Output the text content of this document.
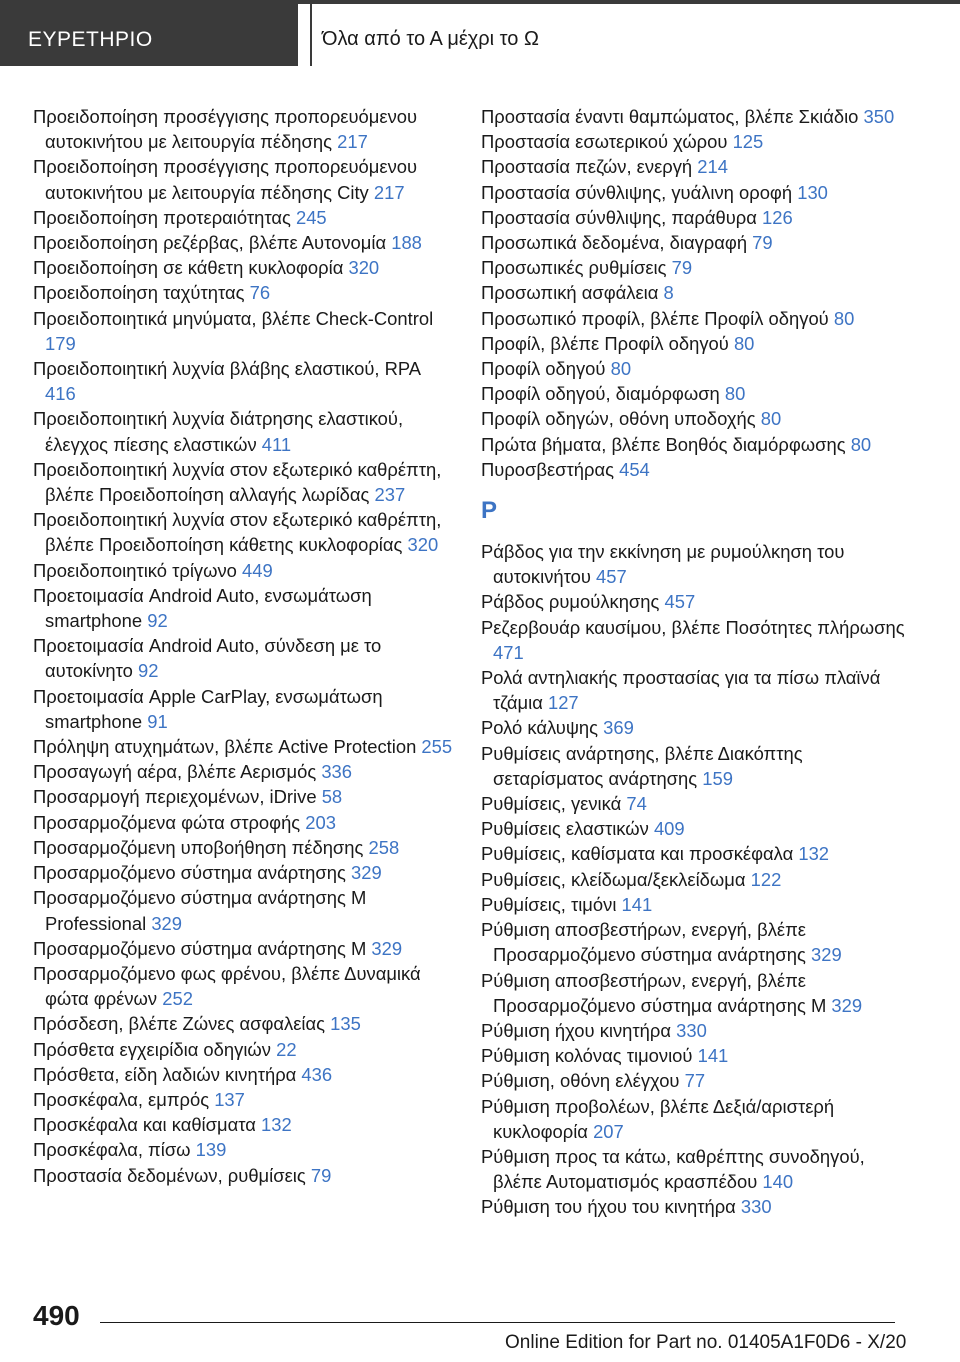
ΕΥΡΕΤΗΡΙΟ	Όλα από το Α μέχρι το Ω

Προειδοποίηση προσέγγισης προπορευόμενου αυτοκινήτου με λειτουργία πέδησης 217

Προειδοποίηση προσέγγισης προπορευόμενου αυτοκινήτου με λειτουργία πέδησης City 217

Προειδοποίηση προτεραιότητας 245

Προειδοποίηση ρεζέρβας, βλέπε Αυτονομία 188

Προειδοποίηση σε κάθετη κυκλοφορία 320

Προειδοποίηση ταχύτητας 76

Προειδοποιητικά μηνύματα, βλέπε Check-Control 179

Προειδοποιητική λυχνία βλάβης ελαστικού, RPA 416

Προειδοποιητική λυχνία διάτρησης ελαστικού, έλεγχος πίεσης ελαστικών 411

Προειδοποιητική λυχνία στον εξωτερικό καθρέπτη, βλέπε Προειδοποίηση αλλαγής λωρίδας 237

Προειδοποιητική λυχνία στον εξωτερικό καθρέπτη, βλέπε Προειδοποίηση κάθετης κυκλοφορίας 320

Προειδοποιητικό τρίγωνο 449

Προετοιμασία Android Auto, ενσωμάτωση smartphone 92

Προετοιμασία Android Auto, σύνδεση με το αυτοκίνητο 92

Προετοιμασία Apple CarPlay, ενσωμάτωση smartphone 91

Πρόληψη ατυχημάτων, βλέπε Active Protection 255

Προσαγωγή αέρα, βλέπε Αερισμός 336

Προσαρμογή περιεχομένων, iDrive 58

Προσαρμοζόμενα φώτα στροφής 203

Προσαρμοζόμενη υποβοήθηση πέδησης 258

Προσαρμοζόμενο σύστημα ανάρτησης 329

Προσαρμοζόμενο σύστημα ανάρτησης M Professional 329

Προσαρμοζόμενο σύστημα ανάρτησης M 329

Προσαρμοζόμενο φως φρένου, βλέπε Δυναμικά φώτα φρένων 252

Πρόσδεση, βλέπε Ζώνες ασφαλείας 135

Πρόσθετα εγχειρίδια οδηγιών 22

Πρόσθετα, είδη λαδιών κινητήρα 436

Προσκέφαλα, εμπρός 137

Προσκέφαλα και καθίσματα 132

Προσκέφαλα, πίσω 139

Προστασία δεδομένων, ρυθμίσεις 79

Προστασία έναντι θαμπώματος, βλέπε Σκιάδιο 350

Προστασία εσωτερικού χώρου 125

Προστασία πεζών, ενεργή 214

Προστασία σύνθλιψης, γυάλινη οροφή 130

Προστασία σύνθλιψης, παράθυρα 126

Προσωπικά δεδομένα, διαγραφή 79

Προσωπικές ρυθμίσεις 79

Προσωπική ασφάλεια 8

Προσωπικό προφίλ, βλέπε Προφίλ οδηγού 80

Προφίλ, βλέπε Προφίλ οδηγού 80

Προφίλ οδηγού 80

Προφίλ οδηγού, διαμόρφωση 80

Προφίλ οδηγών, οθόνη υποδοχής 80

Πρώτα βήματα, βλέπε Βοηθός διαμόρφωσης 80

Πυροσβεστήρας 454

Ρ

Ράβδος για την εκκίνηση με ρυμούλκηση του αυτοκινήτου 457

Ράβδος ρυμούλκησης 457

Ρεζερβουάρ καυσίμου, βλέπε Ποσότητες πλήρωσης 471

Ρολά αντηλιακής προστασίας για τα πίσω πλαϊνά τζάμια 127

Ρολό κάλυψης 369

Ρυθμίσεις ανάρτησης, βλέπε Διακόπτης σεταρίσματος ανάρτησης 159

Ρυθμίσεις, γενικά 74

Ρυθμίσεις ελαστικών 409

Ρυθμίσεις, καθίσματα και προσκέφαλα 132

Ρυθμίσεις, κλείδωμα/ξεκλείδωμα 122

Ρυθμίσεις, τιμόνι 141

Ρύθμιση αποσβεστήρων, ενεργή, βλέπε Προσαρμοζόμενο σύστημα ανάρτησης 329

Ρύθμιση αποσβεστήρων, ενεργή, βλέπε Προσαρμοζόμενο σύστημα ανάρτησης M 329

Ρύθμιση ήχου κινητήρα 330

Ρύθμιση κολόνας τιμονιού 141

Ρύθμιση, οθόνη ελέγχου 77

Ρύθμιση προβολέων, βλέπε Δεξιά/αριστερή κυκλοφορία 207

Ρύθμιση προς τα κάτω, καθρέπτης συνοδηγού, βλέπε Αυτοματισμός κρασπέδου 140

Ρύθμιση του ήχου του κινητήρα 330

490
Online Edition for Part no. 01405A1F0D6 - X/20
